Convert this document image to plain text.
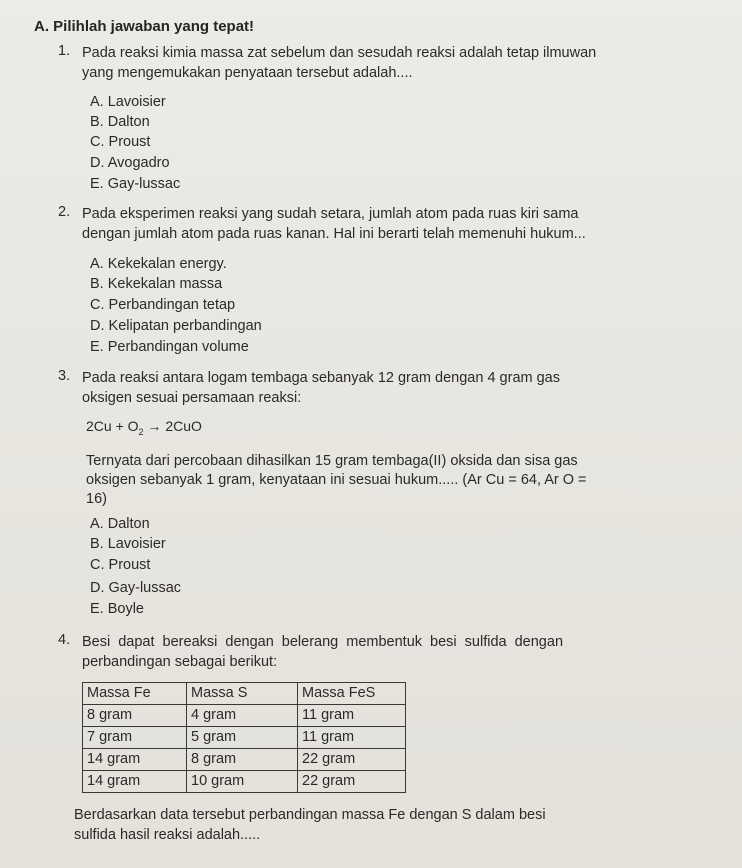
A. Pilihlah jawaban yang tepat!
1. Pada reaksi kimia massa zat sebelum dan sesudah reaksi adalah tetap ilmuwan
yang mengemukakan penyataan tersebut adalah....
A. Lavoisier
B. Dalton
C. Proust
D. Avogadro
E. Gay-lussac
2. Pada eksperimen reaksi yang sudah setara, jumlah atom pada ruas kiri sama
dengan jumlah atom pada ruas kanan. Hal ini berarti telah memenuhi hukum...
A. Kekekalan energy.
B. Kekekalan massa
C. Perbandingan tetap
D. Kelipatan perbandingan
E. Perbandingan volume
3. Pada reaksi antara logam tembaga sebanyak 12 gram dengan 4 gram gas
oksigen sesuai persamaan reaksi:
$2Cu + O_2 \to 2CuO$
Ternyata dari percobaan dihasilkan 15 gram tembaga(II) oksida dan sisa gas
oksigen sebanyak 1 gram, kenyataan ini sesuai hukum..... (Ar Cu = 64, Ar O =
16)
A. Dalton
B. Lavoisier
C. Proust
D. Gay-lussac
E. Boyle
4. Besi dapat bereaksi dengan belerang membentuk besi sulfida dengan
perbandingan sebagai berikut:
Massa Fe	Massa S	Massa FeS
8 gram	4 gram	11 gram
7 gram	5 gram	11 gram
14 gram	8 gram	22 gram
14 gram	10 gram	22 gram
Berdasarkan data tersebut perbandingan massa Fe dengan S dalam besi
sulfida hasil reaksi adalah.....
